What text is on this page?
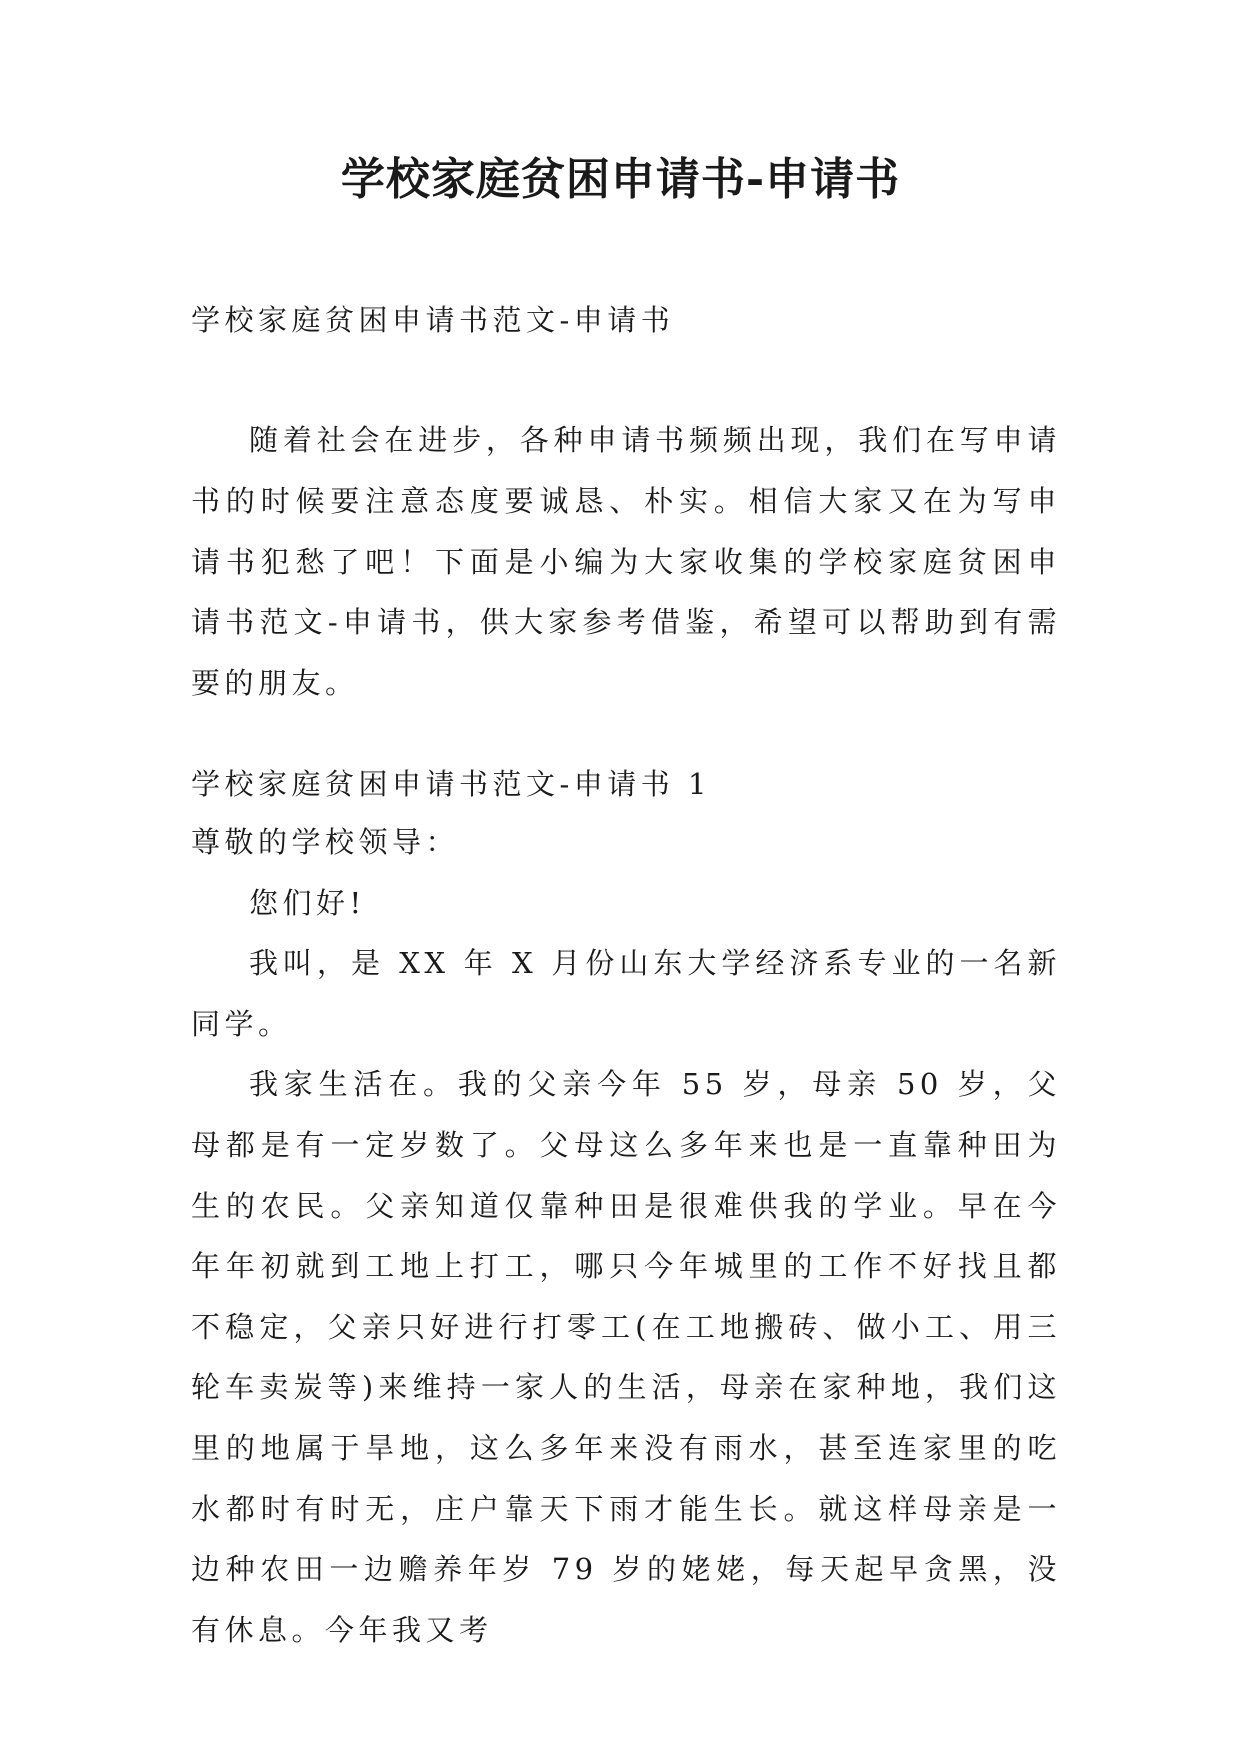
学校家庭贫困申请书-申请书

学校家庭贫困申请书范文-申请书

随着社会在进步，各种申请书频频出现，我们在写申请书的时候要注意态度要诚恳、朴实。相信大家又在为写申请书犯愁了吧！下面是小编为大家收集的学校家庭贫困申请书范文-申请书，供大家参考借鉴，希望可以帮助到有需要的朋友。

学校家庭贫困申请书范文-申请书 1

尊敬的学校领导：

您们好!

我叫，是 XX 年 X 月份山东大学经济系专业的一名新同学。

我家生活在。我的父亲今年 55 岁，母亲 50 岁，父母都是有一定岁数了。父母这么多年来也是一直靠种田为生的农民。父亲知道仅靠种田是很难供我的学业。早在今年年初就到工地上打工，哪只今年城里的工作不好找且都不稳定，父亲只好进行打零工(在工地搬砖、做小工、用三轮车卖炭等)来维持一家人的生活，母亲在家种地，我们这里的地属于旱地，这么多年来没有雨水，甚至连家里的吃水都时有时无，庄户靠天下雨才能生长。就这样母亲是一边种农田一边赡养年岁 79 岁的姥姥，每天起早贪黑，没有休息。今年我又考
